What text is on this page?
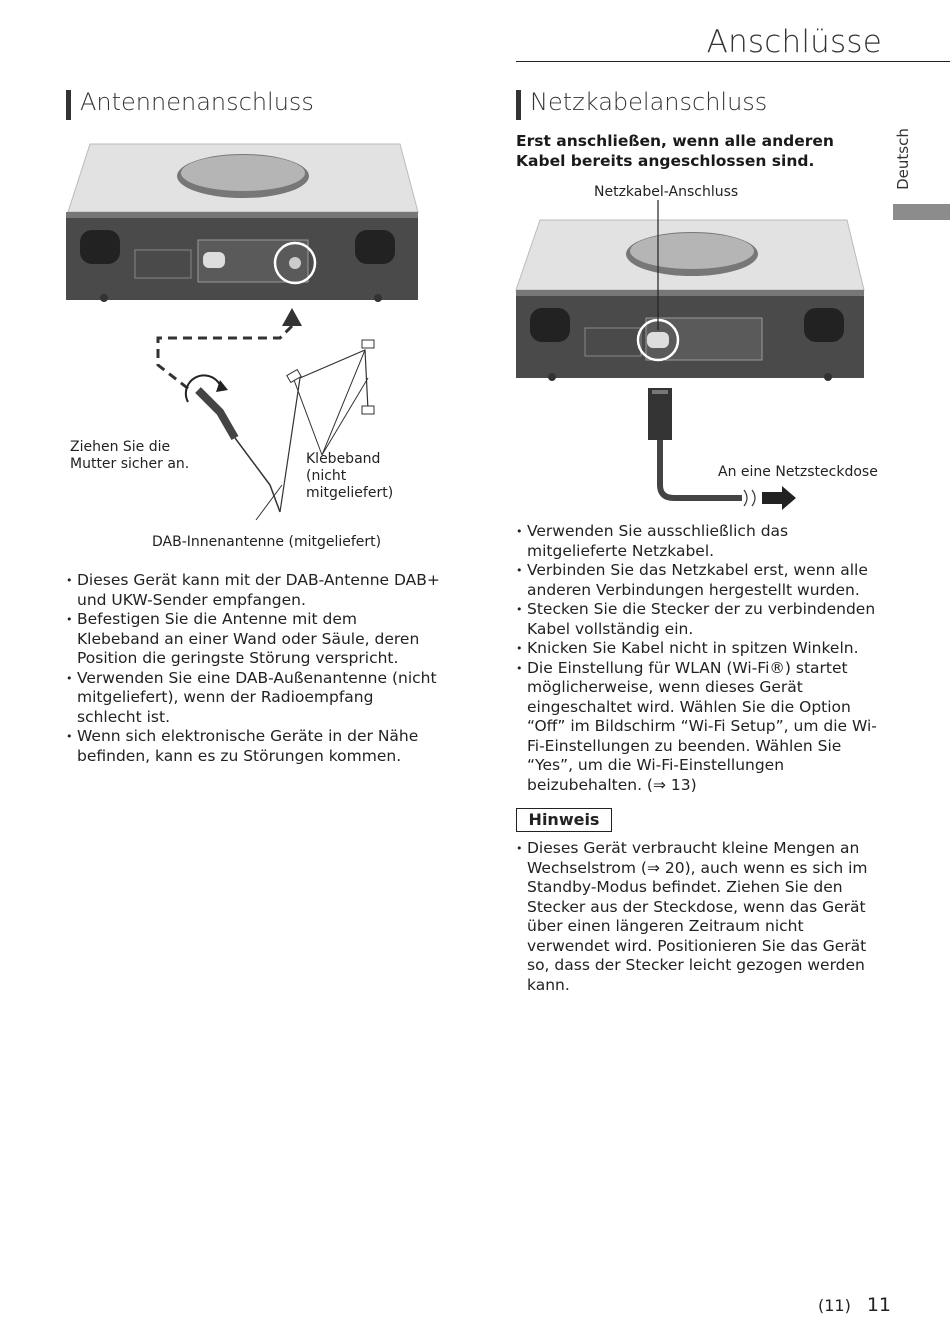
Anschlüsse
Deutsch
Antennenanschluss
Ziehen Sie die Mutter sicher an.	Klebeband (nicht mitgeliefert)
DAB-Innenantenne (mitgeliefert)
• Dieses Gerät kann mit der DAB-Antenne DAB+ und UKW-Sender empfangen.
• Befestigen Sie die Antenne mit dem Klebeband an einer Wand oder Säule, deren Position die geringste Störung verspricht.
• Verwenden Sie eine DAB-Außenantenne (nicht mitgeliefert), wenn der Radioempfang schlecht ist.
• Wenn sich elektronische Geräte in der Nähe befinden, kann es zu Störungen kommen.
Netzkabelanschluss
Erst anschließen, wenn alle anderen Kabel bereits angeschlossen sind.
Netzkabel-Anschluss
An eine Netzsteckdose
• Verwenden Sie ausschließlich das mitgelieferte Netzkabel.
• Verbinden Sie das Netzkabel erst, wenn alle anderen Verbindungen hergestellt wurden.
• Stecken Sie die Stecker der zu verbindenden Kabel vollständig ein.
• Knicken Sie Kabel nicht in spitzen Winkeln.
• Die Einstellung für WLAN (Wi-Fi®) startet möglicherweise, wenn dieses Gerät eingeschaltet wird. Wählen Sie die Option “Off” im Bildschirm “Wi-Fi Setup”, um die Wi-Fi-Einstellungen zu beenden. Wählen Sie “Yes”, um die Wi-Fi-Einstellungen beizubehalten. (⇒ 13)
Hinweis
• Dieses Gerät verbraucht kleine Mengen an Wechselstrom (⇒ 20), auch wenn es sich im Standby-Modus befindet. Ziehen Sie den Stecker aus der Steckdose, wenn das Gerät über einen längeren Zeitraum nicht verwendet wird. Positionieren Sie das Gerät so, dass der Stecker leicht gezogen werden kann.
(11) 11
